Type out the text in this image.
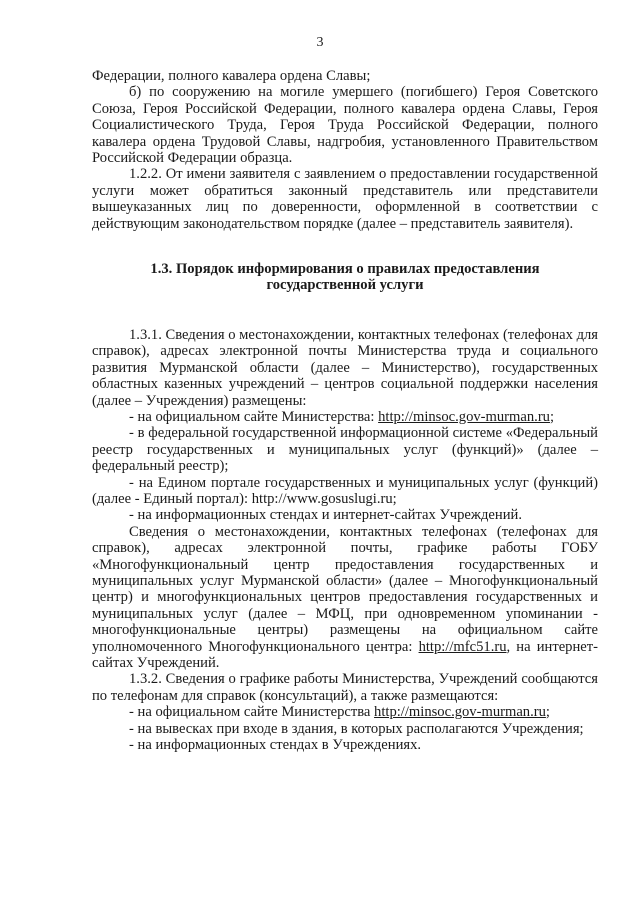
3

Федерации, полного кавалера ордена Славы;

б) по сооружению на могиле умершего (погибшего) Героя Советского Союза, Героя Российской Федерации, полного кавалера ордена Славы, Героя Социалистического Труда, Героя Труда Российской Федерации, полного кавалера ордена Трудовой Славы, надгробия, установленного Правительством Российской Федерации образца.

1.2.2. От имени заявителя с заявлением о предоставлении государственной услуги может обратиться законный представитель или представители вышеуказанных лиц по доверенности, оформленной в соответствии с действующим законодательством порядке (далее – представитель заявителя).

1.3. Порядок информирования о правилах предоставления
государственной услуги

1.3.1. Сведения о местонахождении, контактных телефонах (телефонах для справок), адресах электронной почты Министерства труда и социального развития Мурманской области (далее – Министерство), государственных областных казенных учреждений – центров социальной поддержки населения (далее – Учреждения) размещены:

- на официальном сайте Министерства: http://minsoc.gov-murman.ru;

- в федеральной государственной информационной системе «Федеральный реестр государственных и муниципальных услуг (функций)» (далее – федеральный реестр);

- на Едином портале государственных и муниципальных услуг (функций) (далее - Единый портал): http://www.gosuslugi.ru;

- на информационных стендах и интернет-сайтах Учреждений.

Сведения о местонахождении, контактных телефонах (телефонах для справок), адресах электронной почты, графике работы ГОБУ «Многофункциональный центр предоставления государственных и муниципальных услуг Мурманской области» (далее – Многофункциональный центр) и многофункциональных центров предоставления государственных и муниципальных услуг (далее – МФЦ, при одновременном упоминании - многофункциональные центры) размещены на официальном сайте уполномоченного Многофункционального центра: http://mfc51.ru, на интернет-сайтах Учреждений.

1.3.2. Сведения о графике работы Министерства, Учреждений сообщаются по телефонам для справок (консультаций), а также размещаются:

- на официальном сайте Министерства http://minsoc.gov-murman.ru;

- на вывесках при входе в здания, в которых располагаются Учреждения;

- на информационных стендах в Учреждениях.
